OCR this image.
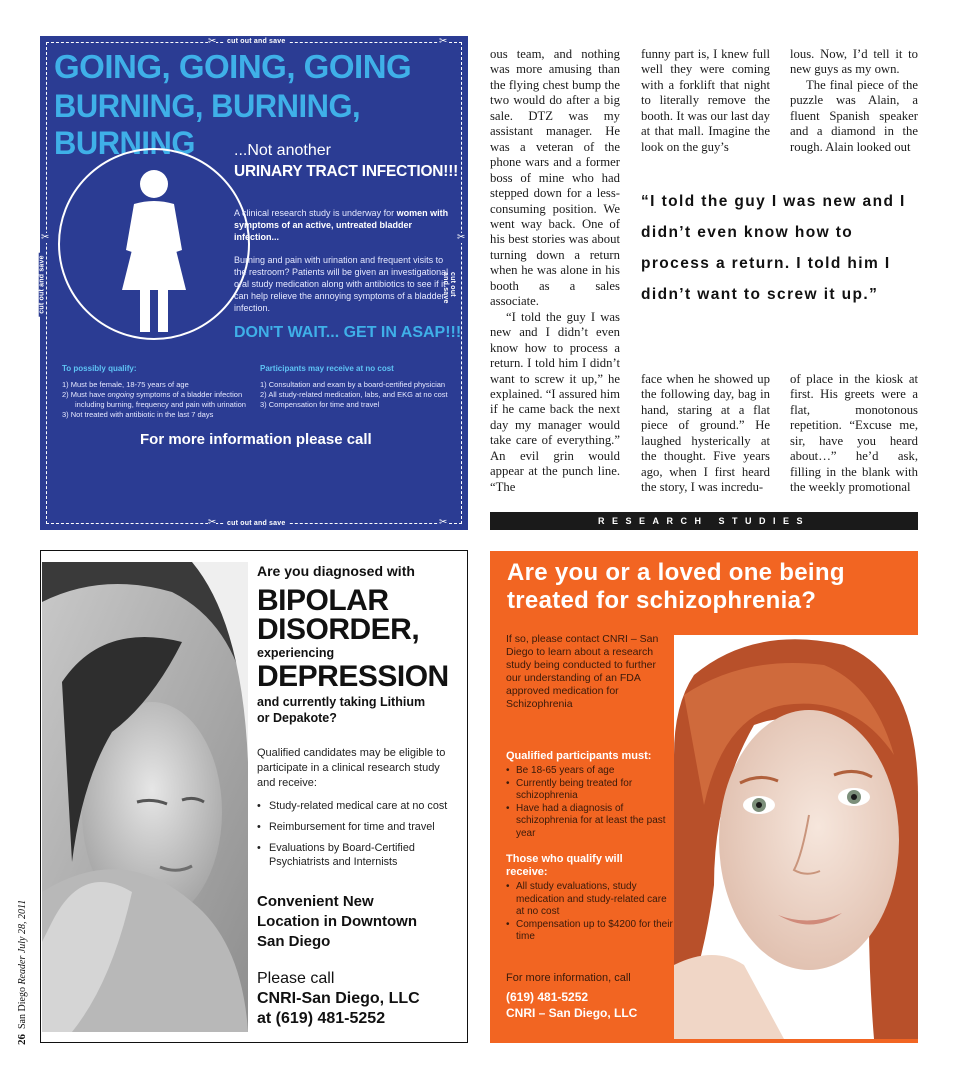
✂	cut out and save	✂
✂	cut out and save	✂
✂
cut out and save
✂
cut out and save
GOING, GOING, GOING
BURNING, BURNING, BURNING	...Not another
URINARY TRACT INFECTION!!!

A clinical research study is underway for women with symptoms of an active, untreated bladder infection...

Burning and pain with urination and frequent visits to the restroom? Patients will be given an investigational oral study medication along with antibiotics to see if it can help relieve the annoying symptoms of a bladder infection.

DON'T WAIT... GET IN ASAP!!!
To possibly qualify:
1) Must be female, 18-75 years of age
2) Must have ongoing symptoms of a bladder infection
including burning, frequency and pain with urination
3) Not treated with antibiotic in the last 7 days
Participants may receive at no cost
1) Consultation and exam by a board-certified physician
2) All study-related medication, labs, and EKG at no cost
3) Compensation for time and travel
For more information please call

ous team, and nothing was more amusing than the flying chest bump the two would do after a big sale. DTZ was my assistant manager. He was a veteran of the phone wars and a former boss of mine who had stepped down for a less-consuming position. We went way back. One of his best stories was about turning down a return when he was alone in his booth as a sales associate.

“I told the guy I was new and I didn’t even know how to process a return. I told him I didn’t want to screw it up,” he explained. “I assured him if he came back the next day my manager would take care of everything.” An evil grin would appear at the punch line. “The

funny part is, I knew full well they were coming with a forklift that night to literally remove the booth. It was our last day at that mall. Imagine the look on the guy’s

lous. Now, I’d tell it to new guys as my own.

The final piece of the puzzle was Alain, a fluent Spanish speaker and a diamond in the rough. Alain looked out

“I told the guy I was new and I didn’t even know how to process a return. I told him I didn’t want to screw it up.”

face when he showed up the following day, bag in hand, staring at a flat piece of ground.” He laughed hysterically at the thought. Five years ago, when I first heard the story, I was incredu-

of place in the kiosk at first. His greets were a flat, monotonous repetition. “Excuse me, sir, have you heard about…” he’d ask, filling in the blank with the weekly promotional

RESEARCH STUDIES
Are you diagnosed with
BIPOLAR
DISORDER,
experiencing
DEPRESSION
and currently taking Lithium
or Depakote?
Qualified candidates may be eligible to participate in a clinical research study and receive:
• Study-related medical care at no cost
• Reimbursement for time and travel
• Evaluations by Board-Certified Psychiatrists and Internists
Convenient New Location in Downtown San Diego
Please call
CNRI-San Diego, LLC
at (619) 481-5252
Are you or a loved one being
treated for schizophrenia?
If so, please contact CNRI – San Diego to learn about a research study being conducted to further our understanding of an FDA approved medication for Schizophrenia
Qualified participants must:
• Be 18-65 years of age
• Currently being treated for schizophrenia
• Have had a diagnosis of schizophrenia for at least the past year
Those who qualify will receive:
• All study evaluations, study medication and study-related care at no cost
• Compensation up to $4200 for their time
For more information, call
(619) 481-5252
CNRI – San Diego, LLC
26  San Diego Reader July 28, 2011
